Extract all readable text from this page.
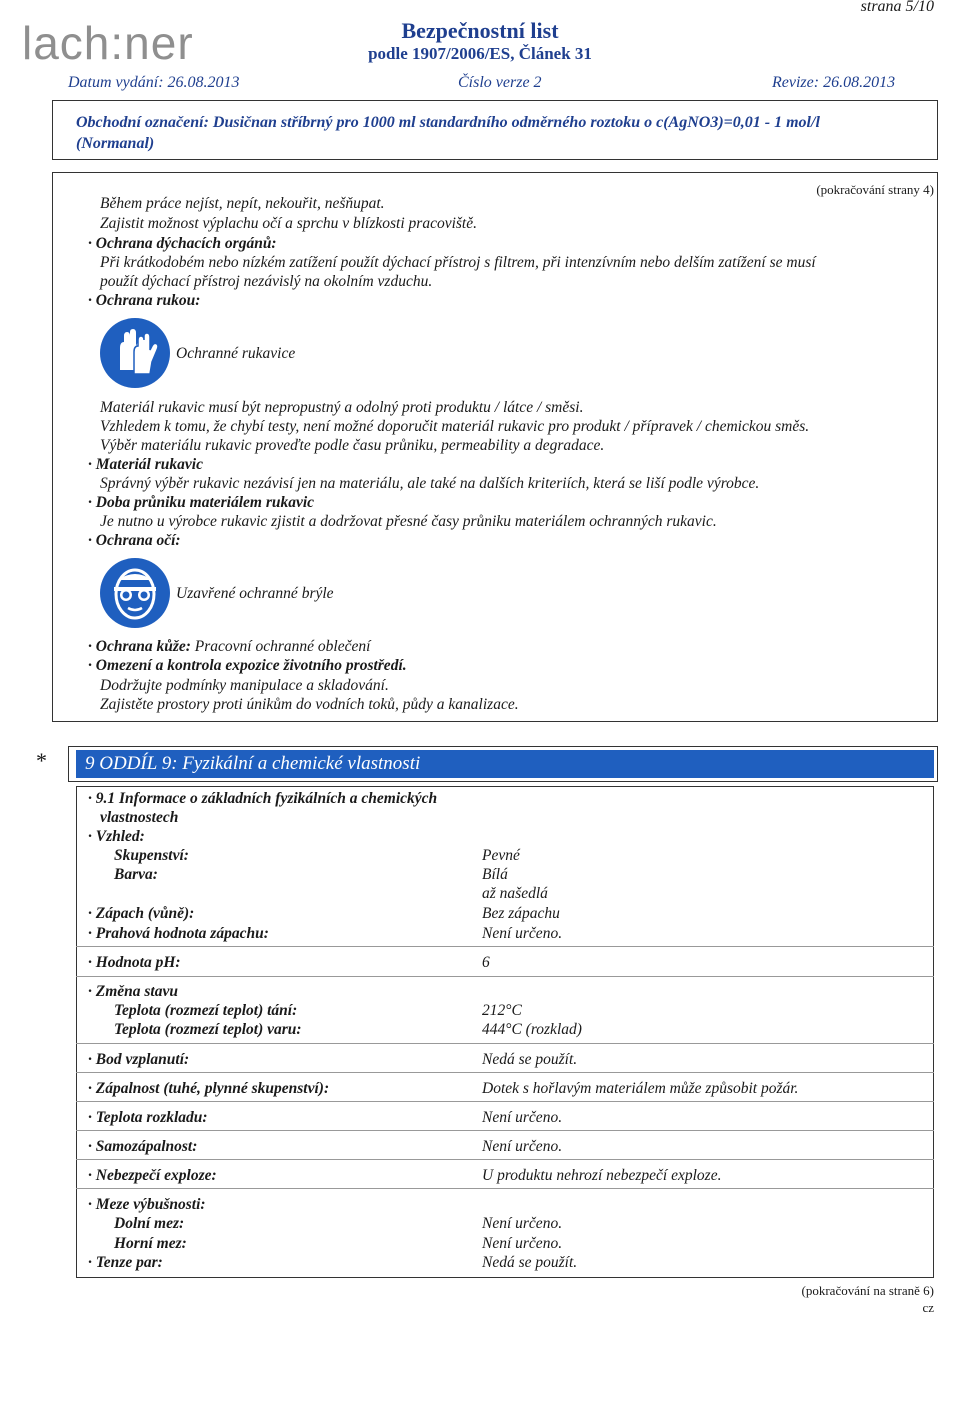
lach:ner	Bezpečnostní list
podle 1907/2006/ES, Článek 31
strana 5/10
Datum vydání: 26.08.2013	Číslo verze 2	Revize: 26.08.2013
Obchodní označení: Dusičnan stříbrný pro 1000 ml standardního odměrného roztoku o c(AgNO3)=0,01 - 1 mol/l
(Normanal)
(pokračování strany 4)
Během práce nejíst, nepít, nekouřit, nešňupat.
Zajistit možnost výplachu očí a sprchu v blízkosti pracoviště.
· Ochrana dýchacích orgánů:
Při krátkodobém nebo nízkém zatížení použít dýchací přístroj s filtrem, při intenzívním nebo delším zatížení se musí
použít dýchací přístroj nezávislý na okolním vzduchu.
· Ochrana rukou:
Ochranné rukavice
Materiál rukavic musí být nepropustný a odolný proti produktu / látce / směsi.
Vzhledem k tomu, že chybí testy, není možné doporučit materiál rukavic pro produkt / přípravek / chemickou směs.
Výběr materiálu rukavic proveďte podle času průniku, permeability a degradace.
· Materiál rukavic
Správný výběr rukavic nezávisí jen na materiálu, ale také na dalších kriteriích, která se liší podle výrobce.
· Doba průniku materiálem rukavic
Je nutno u výrobce rukavic zjistit a dodržovat přesné časy průniku materiálem ochranných rukavic.
· Ochrana očí:
Uzavřené ochranné brýle
· Ochrana kůže: Pracovní ochranné oblečení
· Omezení a kontrola expozice životního prostředí.
Dodržujte podmínky manipulace a skladování.
Zajistěte prostory proti únikům do vodních toků, půdy a kanalizace.
*	9 ODDÍL 9: Fyzikální a chemické vlastnosti
· 9.1 Informace o základních fyzikálních a chemických
vlastnostech
· Vzhled:
Skupenství:	Pevné
Barva:	Bílá
až našedlá
· Zápach (vůně):	Bez zápachu
· Prahová hodnota zápachu:	Není určeno.
· Hodnota pH:	6
· Změna stavu
Teplota (rozmezí teplot) tání:	212°C
Teplota (rozmezí teplot) varu:	444°C (rozklad)
· Bod vzplanutí:	Nedá se použít.
· Zápalnost (tuhé, plynné skupenství):	Dotek s hořlavým materiálem může způsobit požár.
· Teplota rozkladu:	Není určeno.
· Samozápalnost:	Není určeno.
· Nebezpečí exploze:	U produktu nehrozí nebezpečí exploze.
· Meze výbušnosti:
Dolní mez:	Není určeno.
Horní mez:	Není určeno.
· Tenze par:	Nedá se použít.
(pokračování na straně 6)
cz
